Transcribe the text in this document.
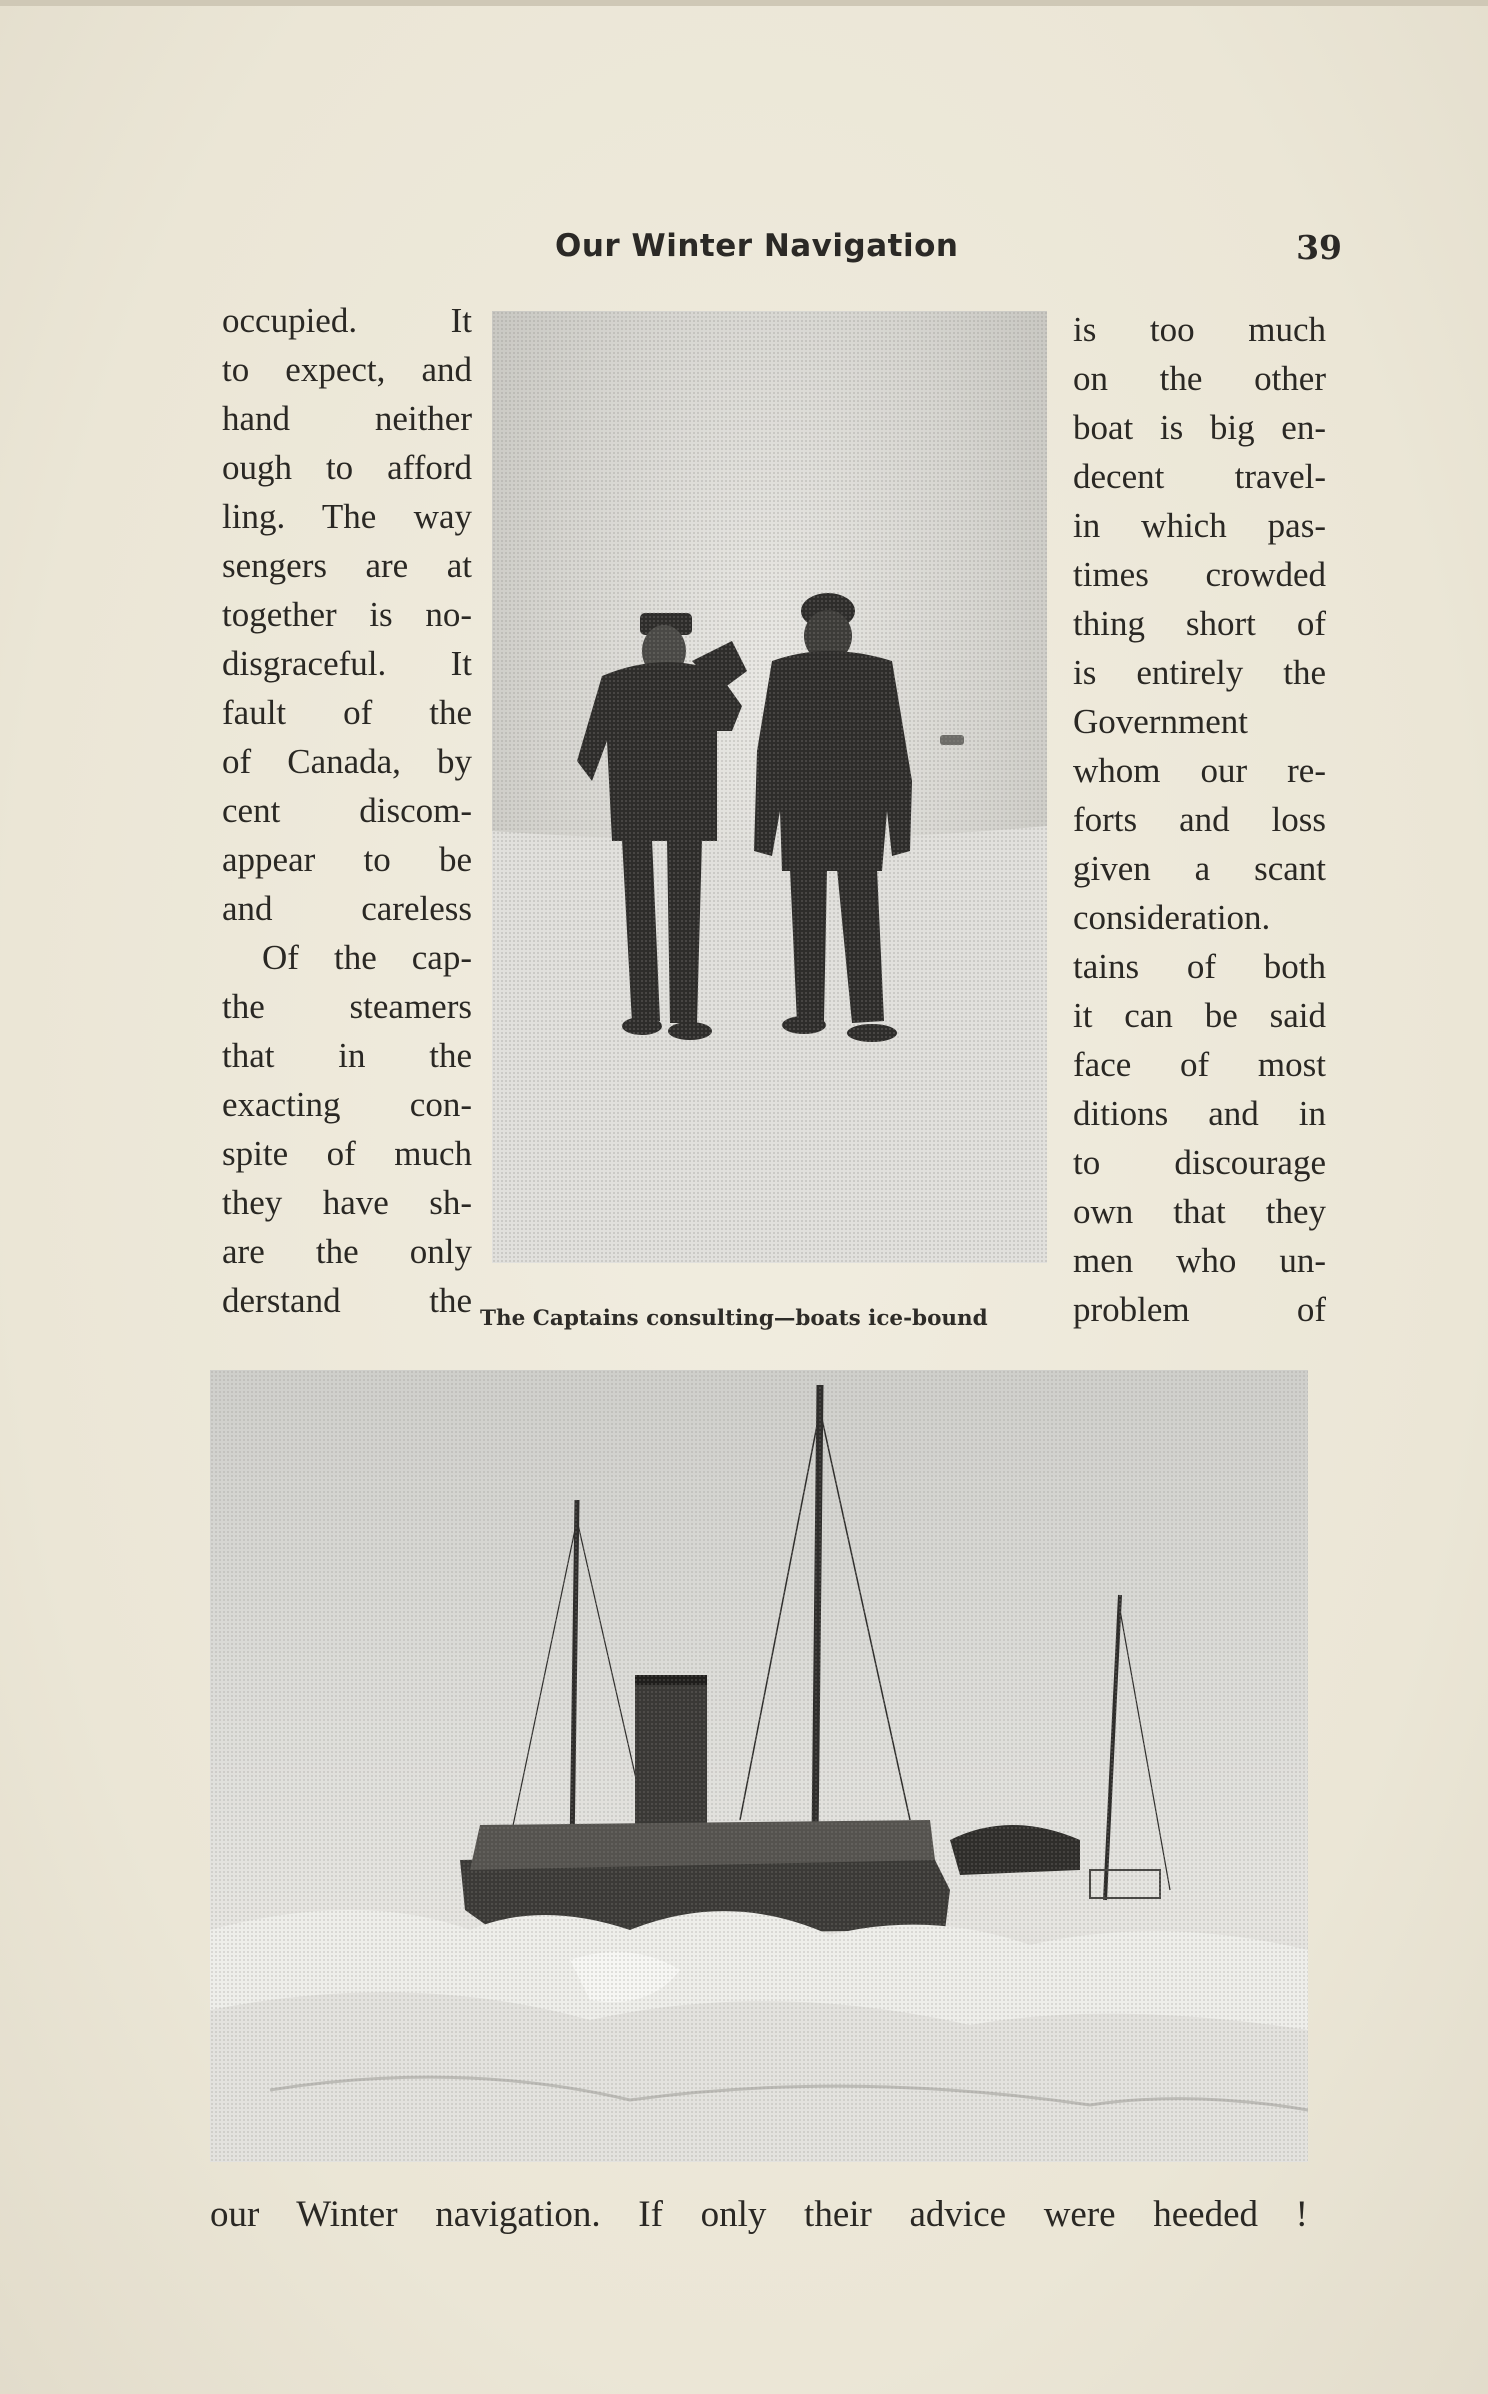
Our Winter Navigation	39
occupied. It
to expect, and
hand neither
ough to afford
ling. The way
sengers are at
together is no-
disgraceful. It
fault of the
of Canada, by
cent discom-
appear to be
and careless
Of the cap-
the steamers
that in the
exacting con-
spite of much
they have sh-
are the only
derstand the The Captains consulting—boats ice-bound
is too much
on the other
boat is big en-
decent travel-
in which pas-
times crowded
thing short of
is entirely the
Government
whom our re-
forts and loss
given a scant
consideration.
tains of both
it can be said
face of most
ditions and in
to discourage
own that they
men who un-
problem of
our Winter navigation. If only their advice were heeded !
